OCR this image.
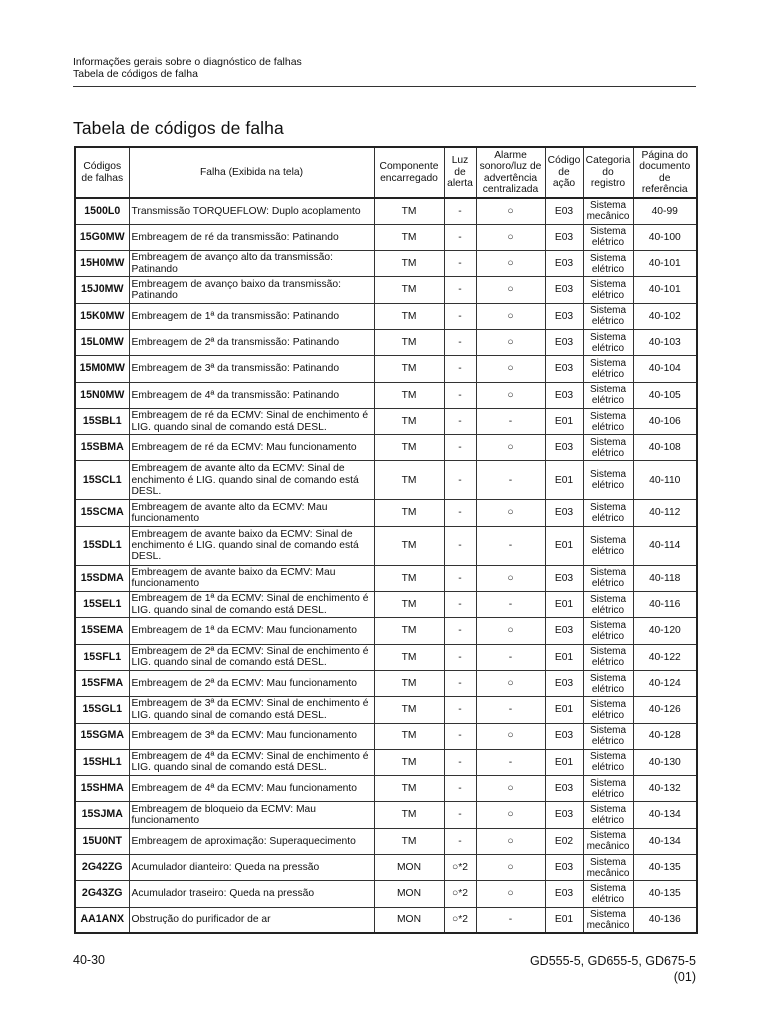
Informações gerais sobre o diagnóstico de falhas
Tabela de códigos de falha
Tabela de códigos de falha
Códigos de falhas	Falha (Exibida na tela)	Componente encarregado	Luz de alerta	Alarme sonoro/luz de advertência centralizada	Código de ação	Categoria do registro	Página do documento de referência
1500L0	Transmissão TORQUEFLOW: Duplo acoplamento	TM	-	○	E03	Sistema mecânico	40-99
15G0MW	Embreagem de ré da transmissão: Patinando	TM	-	○	E03	Sistema elétrico	40-100
15H0MW	Embreagem de avanço alto da transmissão: Patinando	TM	-	○	E03	Sistema elétrico	40-101
15J0MW	Embreagem de avanço baixo da transmissão: Patinando	TM	-	○	E03	Sistema elétrico	40-101
15K0MW	Embreagem de 1ª da transmissão: Patinando	TM	-	○	E03	Sistema elétrico	40-102
15L0MW	Embreagem de 2ª da transmissão: Patinando	TM	-	○	E03	Sistema elétrico	40-103
15M0MW	Embreagem de 3ª da transmissão: Patinando	TM	-	○	E03	Sistema elétrico	40-104
15N0MW	Embreagem de 4ª da transmissão: Patinando	TM	-	○	E03	Sistema elétrico	40-105
15SBL1	Embreagem de ré da ECMV: Sinal de enchimento é LIG. quando sinal de comando está DESL.	TM	-	-	E01	Sistema elétrico	40-106
15SBMA	Embreagem de ré da ECMV: Mau funcionamento	TM	-	○	E03	Sistema elétrico	40-108
15SCL1	Embreagem de avante alto da ECMV: Sinal de enchimento é LIG. quando sinal de comando está DESL.	TM	-	-	E01	Sistema elétrico	40-110
15SCMA	Embreagem de avante alto da ECMV: Mau funcionamento	TM	-	○	E03	Sistema elétrico	40-112
15SDL1	Embreagem de avante baixo da ECMV: Sinal de enchimento é LIG. quando sinal de comando está DESL.	TM	-	-	E01	Sistema elétrico	40-114
15SDMA	Embreagem de avante baixo da ECMV: Mau funcionamento	TM	-	○	E03	Sistema elétrico	40-118
15SEL1	Embreagem de 1ª da ECMV: Sinal de enchimento é LIG. quando sinal de comando está DESL.	TM	-	-	E01	Sistema elétrico	40-116
15SEMA	Embreagem de 1ª da ECMV: Mau funcionamento	TM	-	○	E03	Sistema elétrico	40-120
15SFL1	Embreagem de 2ª da ECMV: Sinal de enchimento é LIG. quando sinal de comando está DESL.	TM	-	-	E01	Sistema elétrico	40-122
15SFMA	Embreagem de 2ª da ECMV: Mau funcionamento	TM	-	○	E03	Sistema elétrico	40-124
15SGL1	Embreagem de 3ª da ECMV: Sinal de enchimento é LIG. quando sinal de comando está DESL.	TM	-	-	E01	Sistema elétrico	40-126
15SGMA	Embreagem de 3ª da ECMV: Mau funcionamento	TM	-	○	E03	Sistema elétrico	40-128
15SHL1	Embreagem de 4ª da ECMV: Sinal de enchimento é LIG. quando sinal de comando está DESL.	TM	-	-	E01	Sistema elétrico	40-130
15SHMA	Embreagem de 4ª da ECMV: Mau funcionamento	TM	-	○	E03	Sistema elétrico	40-132
15SJMA	Embreagem de bloqueio da ECMV: Mau funcionamento	TM	-	○	E03	Sistema elétrico	40-134
15U0NT	Embreagem de aproximação: Superaquecimento	TM	-	○	E02	Sistema mecânico	40-134
2G42ZG	Acumulador dianteiro: Queda na pressão	MON	○*2	○	E03	Sistema mecânico	40-135
2G43ZG	Acumulador traseiro: Queda na pressão	MON	○*2	○	E03	Sistema elétrico	40-135
AA1ANX	Obstrução do purificador de ar	MON	○*2	-	E01	Sistema mecânico	40-136
40-30	GD555-5, GD655-5, GD675-5
(01)
